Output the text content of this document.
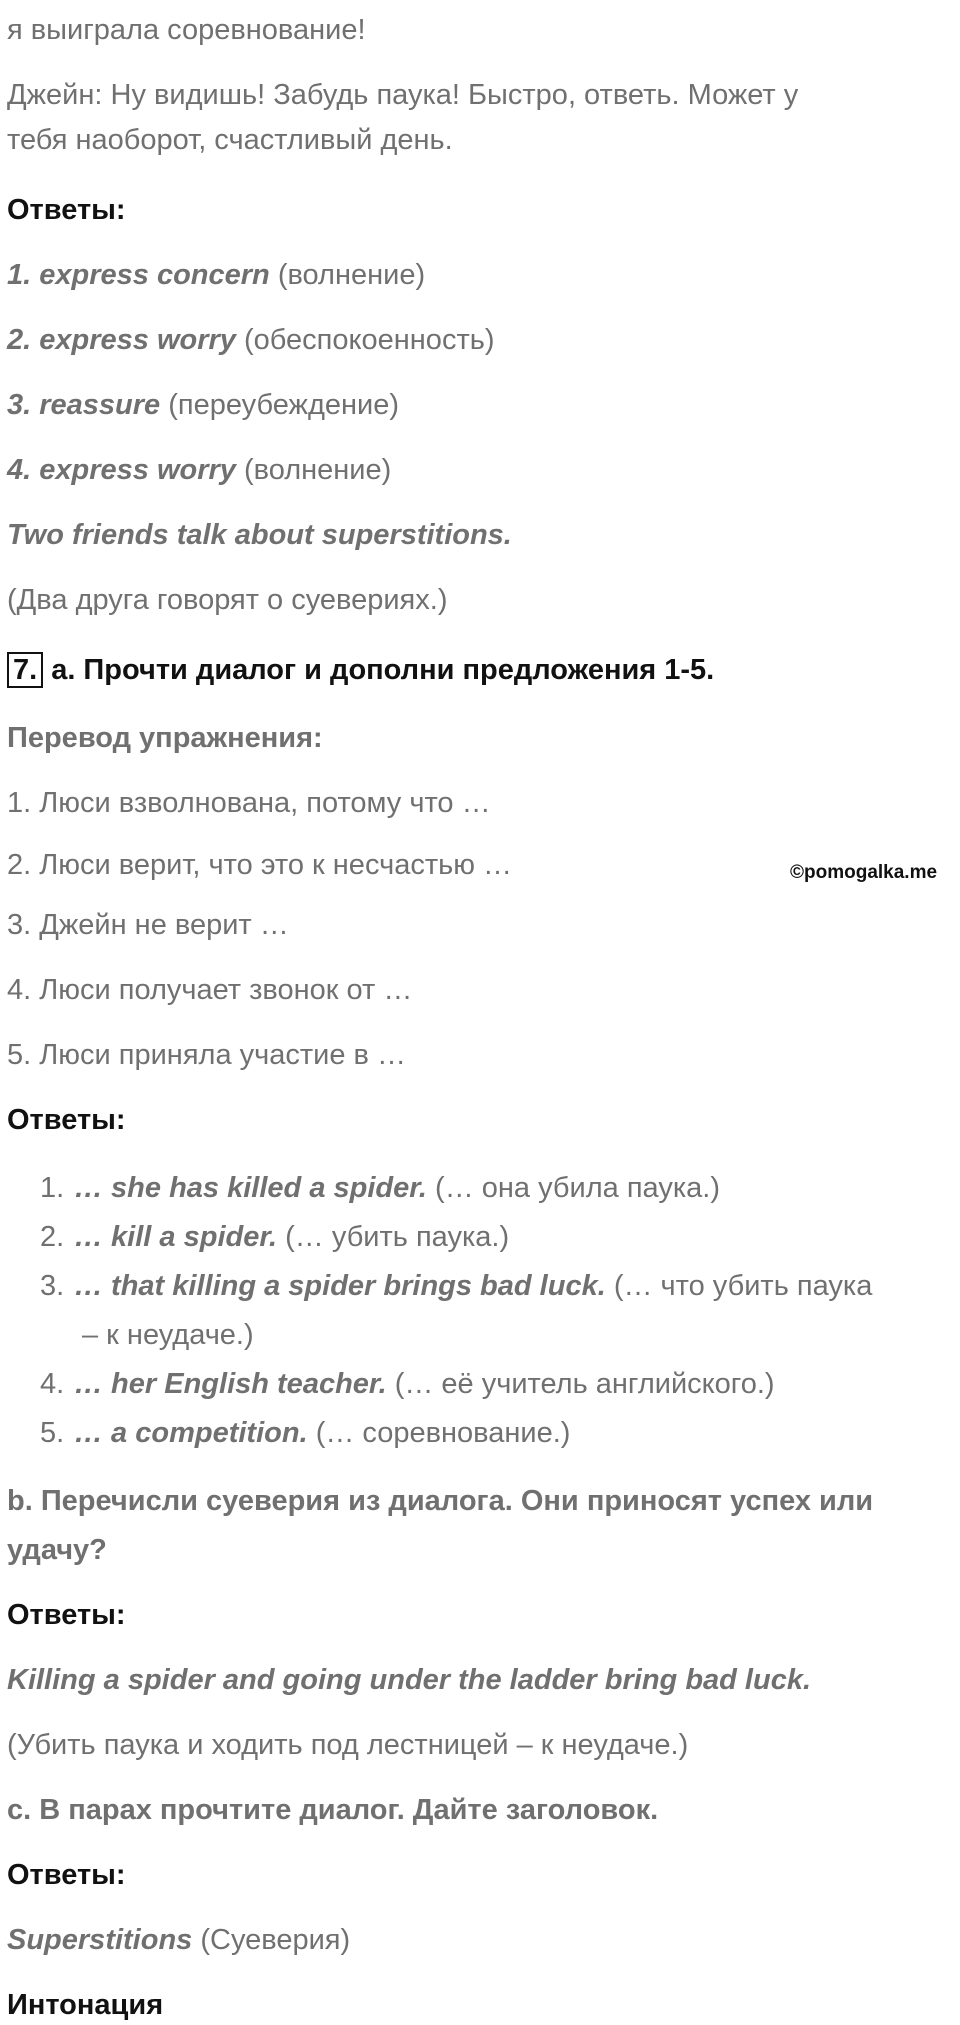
я выиграла соревнование!
Джейн: Ну видишь! Забудь паука! Быстро, ответь. Может у
тебя наоборот, счастливый день.
Ответы:
1. express concern (волнение)
2. express worry (обеспокоенность)
3. reassure (переубеждение)
4. express worry (волнение)
Two friends talk about superstitions.
(Два друга говорят о суевериях.)
7. a. Прочти диалог и дополни предложения 1-5.
Перевод упражнения:
1. Люси взволнована, потому что …
2. Люси верит, что это к несчастью …	©pomogalka.me
3. Джейн не верит …
4. Люси получает звонок от …
5. Люси приняла участие в …
Ответы:
1. … she has killed a spider. (… она убила паука.)
2. … kill a spider. (… убить паука.)
3. … that killing a spider brings bad luck. (… что убить паука
– к неудаче.)
4. … her English teacher. (… её учитель английского.)
5. … a competition. (… соревнование.)
b. Перечисли суеверия из диалога. Они приносят успех или
удачу?
Ответы:
Killing a spider and going under the ladder bring bad luck.
(Убить паука и ходить под лестницей – к неудаче.)
c. В парах прочтите диалог. Дайте заголовок.
Ответы:
Superstitions (Суеверия)
Интонация
